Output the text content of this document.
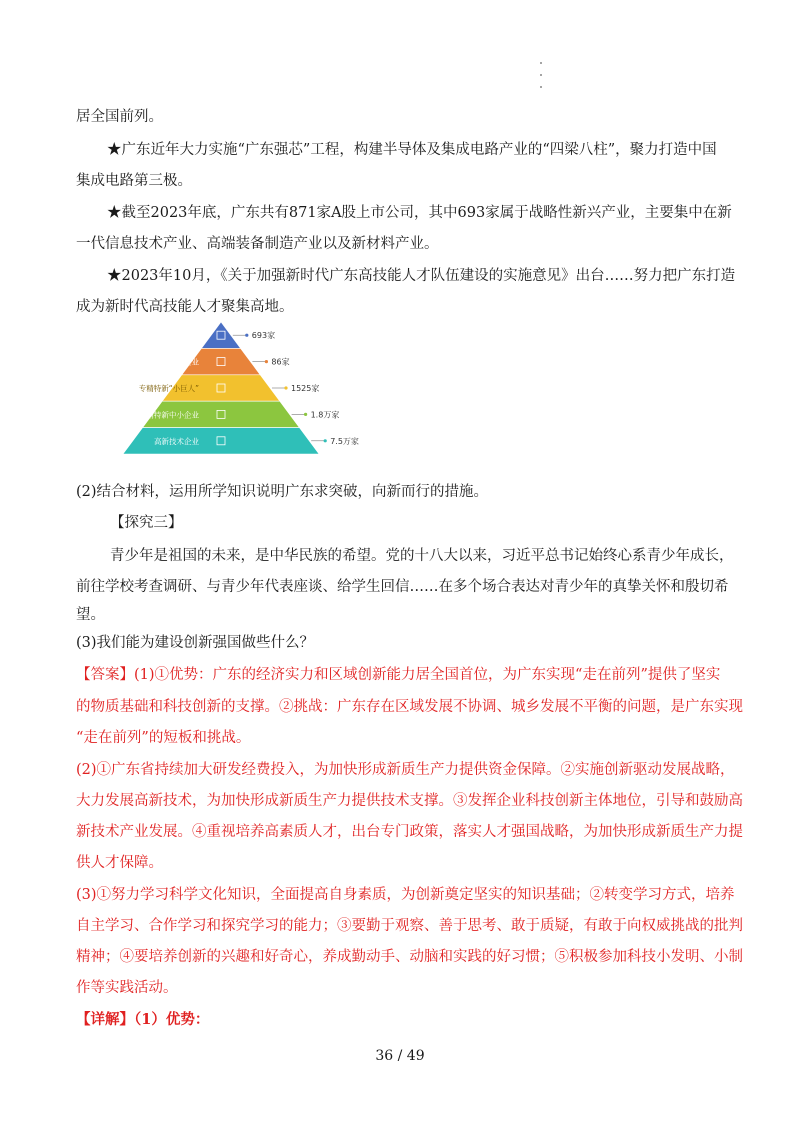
居全国前列。
★广东近年大力实施“广东强芯”工程，构建半导体及集成电路产业的“四梁八柱”，聚力打造中国
集成电路第三极。
★截至2023年底，广东共有871家A股上市公司，其中693家属于战略性新兴产业，主要集中在新
一代信息技术产业、高端装备制造产业以及新材料产业。
★2023年10月，《关于加强新时代广东高技能人才队伍建设的实施意见》出台……努力把广东打造
成为新时代高技能人才聚集高地。
上市公司	693家
独角兽企业	86家
专精特新“小巨人”	1525家
专精特新中小企业	1.8万家
高新技术企业	7.5万家
(2)结合材料，运用所学知识说明广东求突破，向新而行的措施。
【探究三】
青少年是祖国的未来，是中华民族的希望。党的十八大以来，习近平总书记始终心系青少年成长，
前往学校考查调研、与青少年代表座谈、给学生回信……在多个场合表达对青少年的真挚关怀和殷切希
望。
(3)我们能为建设创新强国做些什么？
【答案】(1)①优势：广东的经济实力和区域创新能力居全国首位，为广东实现“走在前列”提供了坚实
的物质基础和科技创新的支撑。②挑战：广东存在区域发展不协调、城乡发展不平衡的问题，是广东实现
“走在前列”的短板和挑战。
(2)①广东省持续加大研发经费投入，为加快形成新质生产力提供资金保障。②实施创新驱动发展战略，
大力发展高新技术，为加快形成新质生产力提供技术支撑。③发挥企业科技创新主体地位，引导和鼓励高
新技术产业发展。④重视培养高素质人才，出台专门政策，落实人才强国战略，为加快形成新质生产力提
供人才保障。
(3)①努力学习科学文化知识，全面提高自身素质，为创新奠定坚实的知识基础；②转变学习方式，培养
自主学习、合作学习和探究学习的能力；③要勤于观察、善于思考、敢于质疑，有敢于向权威挑战的批判
精神；④要培养创新的兴趣和好奇心，养成勤动手、动脑和实践的好习惯；⑤积极参加科技小发明、小制
作等实践活动。
【详解】（1）优势：
36 / 49
